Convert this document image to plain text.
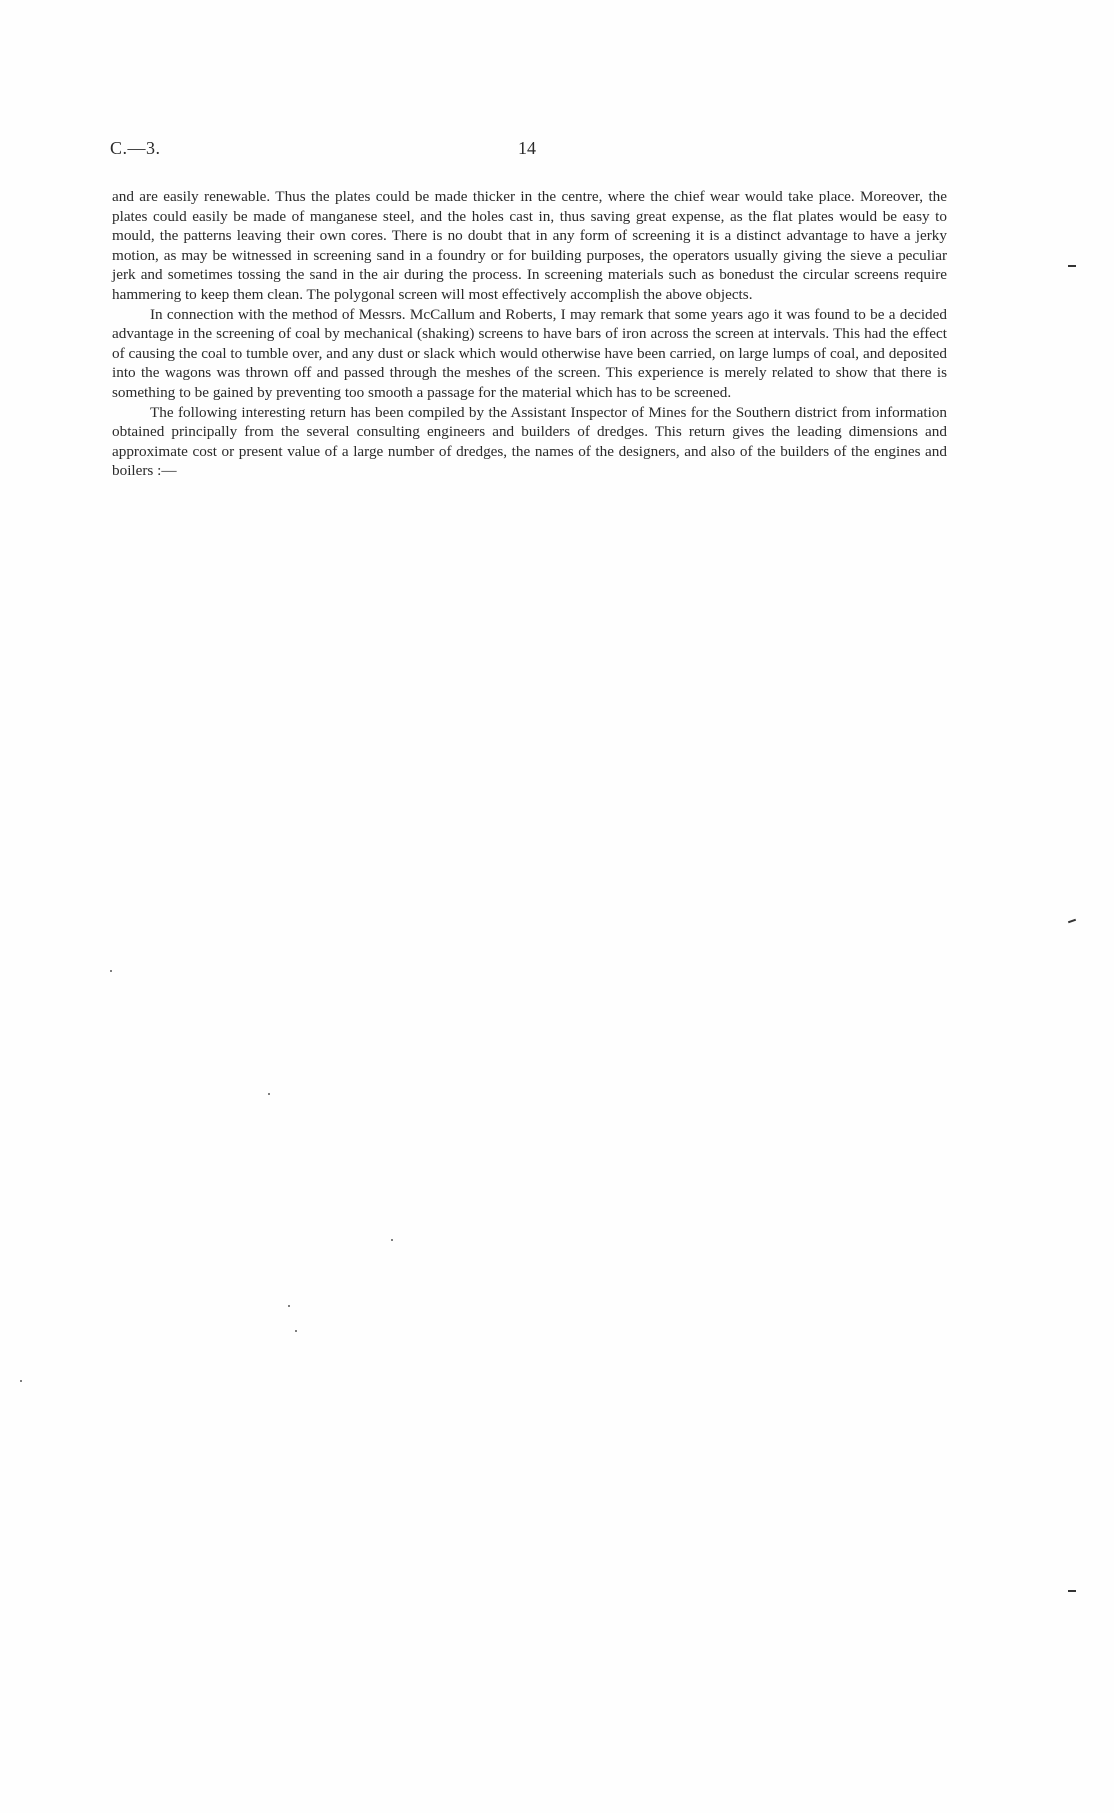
C.—3.	14

and are easily renewable. Thus the plates could be made thicker in the centre, where the chief wear would take place. Moreover, the plates could easily be made of manganese steel, and the holes cast in, thus saving great expense, as the flat plates would be easy to mould, the patterns leaving their own cores. There is no doubt that in any form of screening it is a distinct advantage to have a jerky motion, as may be witnessed in screening sand in a foundry or for building purposes, the operators usually giving the sieve a peculiar jerk and sometimes tossing the sand in the air during the process. In screening materials such as bonedust the circular screens require hammering to keep them clean. The polygonal screen will most effectively accomplish the above objects.

In connection with the method of Messrs. McCallum and Roberts, I may remark that some years ago it was found to be a decided advantage in the screening of coal by mechanical (shaking) screens to have bars of iron across the screen at intervals. This had the effect of causing the coal to tumble over, and any dust or slack which would otherwise have been carried, on large lumps of coal, and deposited into the wagons was thrown off and passed through the meshes of the screen. This experience is merely related to show that there is something to be gained by preventing too smooth a passage for the material which has to be screened.

The following interesting return has been compiled by the Assistant Inspector of Mines for the Southern district from information obtained principally from the several consulting engineers and builders of dredges. This return gives the leading dimensions and approximate cost or present value of a large number of dredges, the names of the designers, and also of the builders of the engines and boilers :—
